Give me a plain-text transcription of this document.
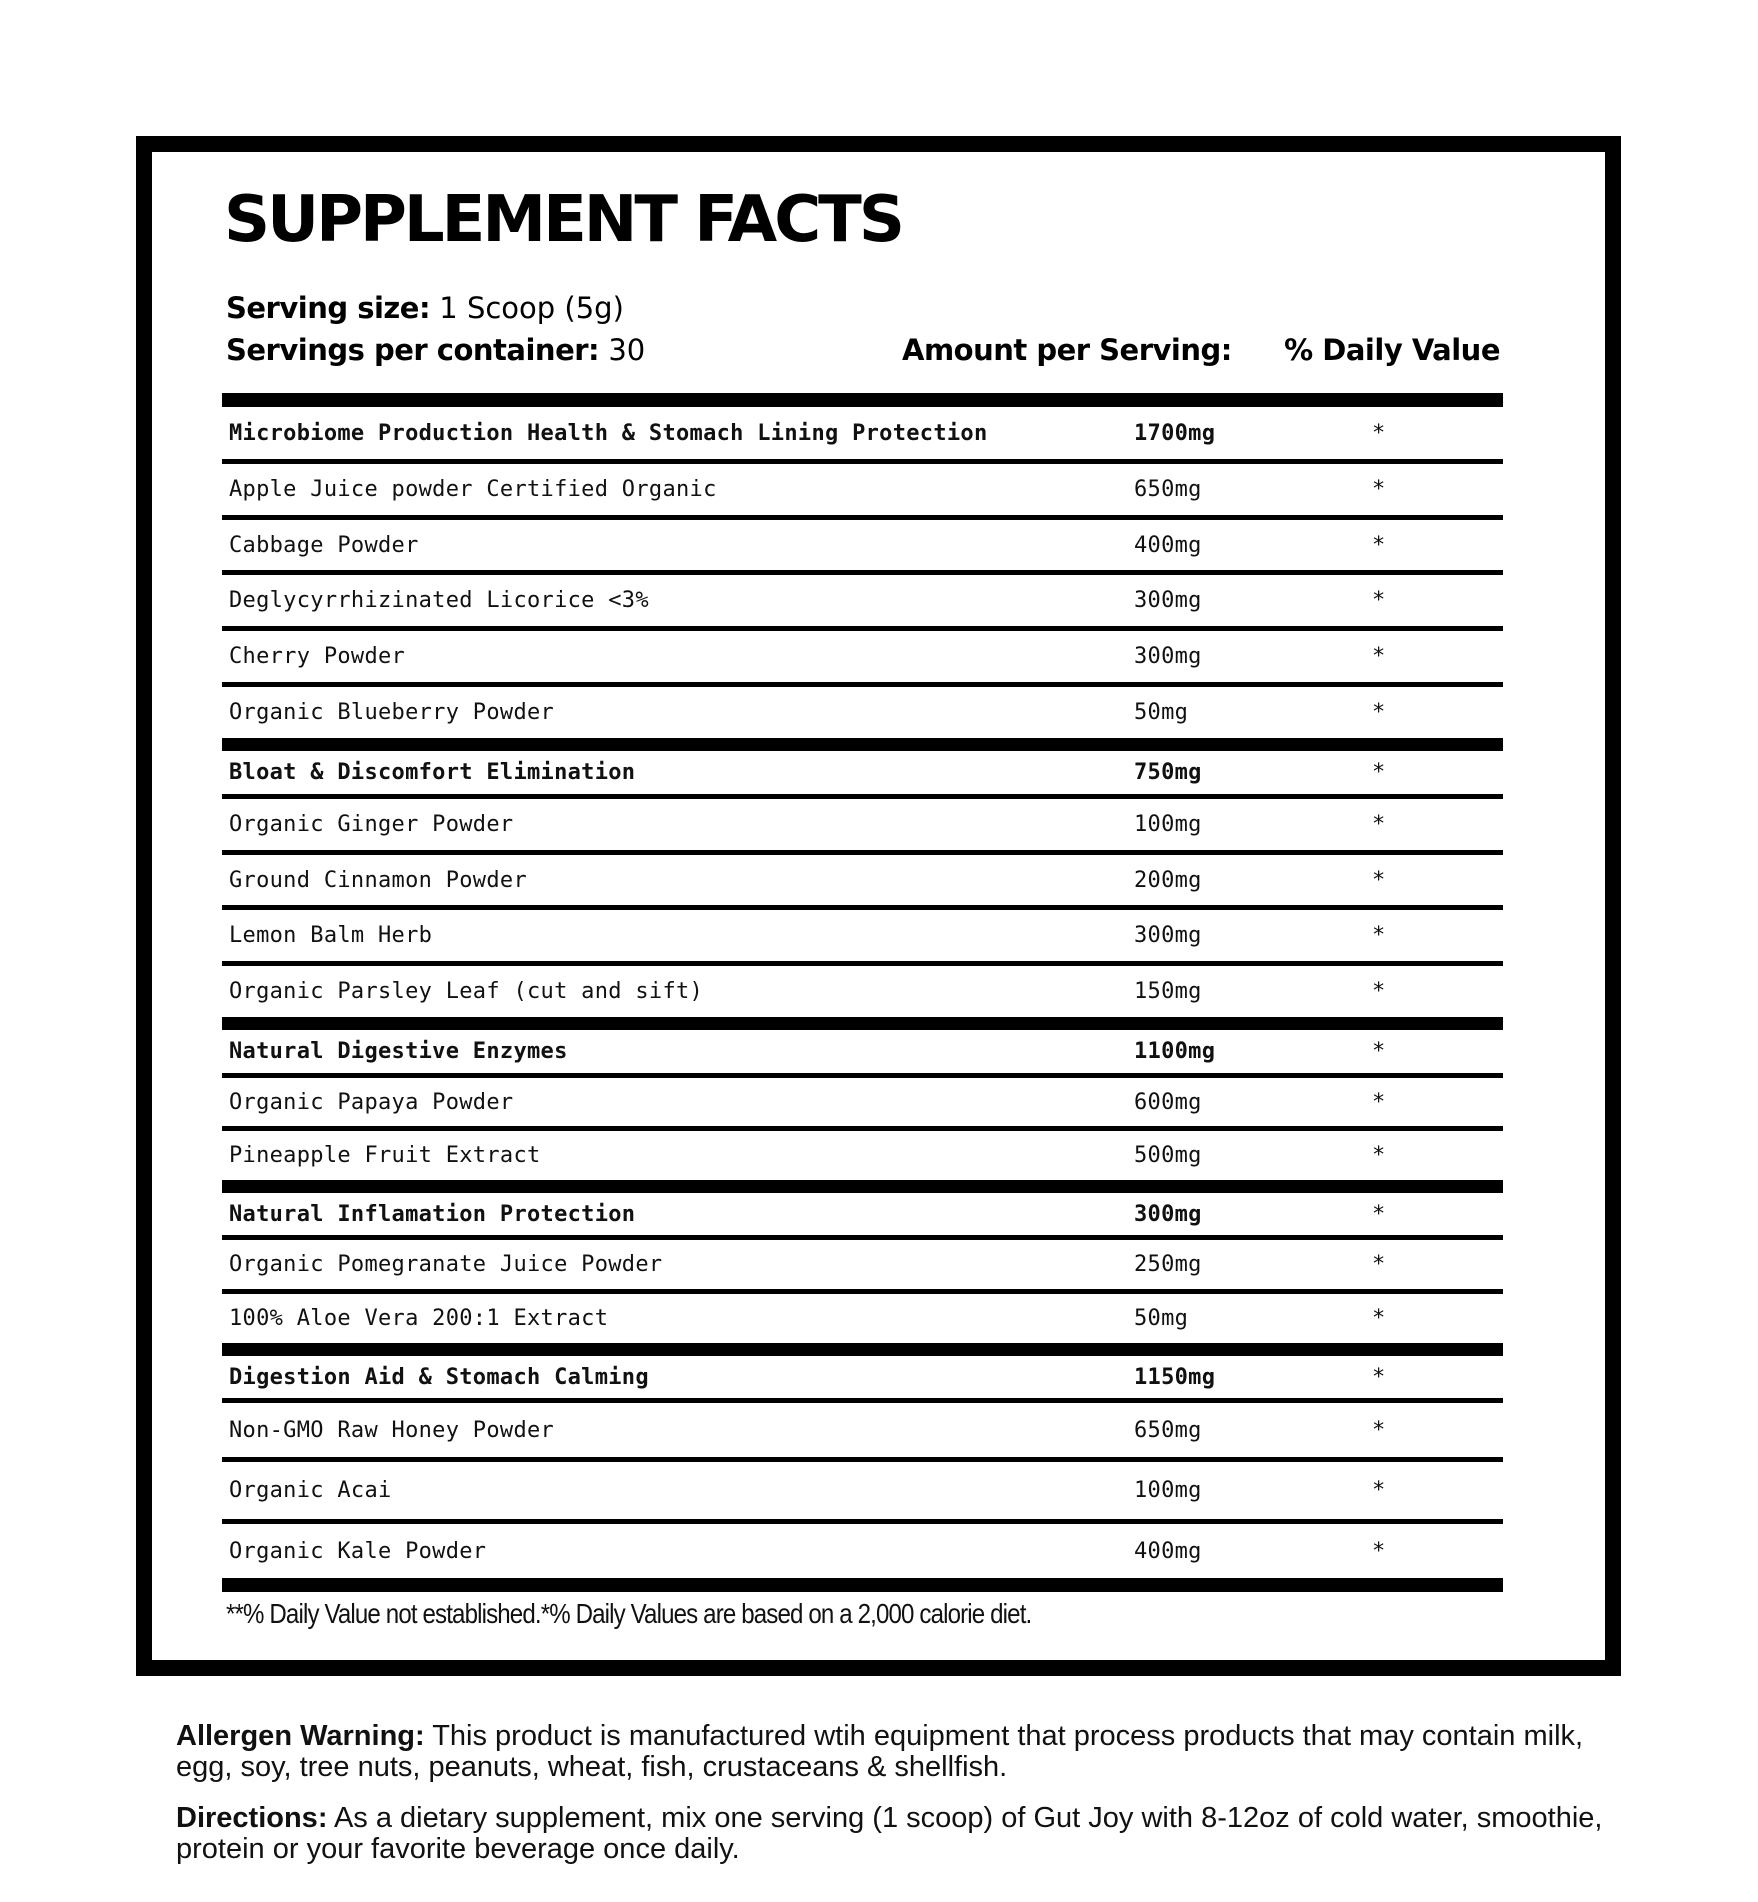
SUPPLEMENT FACTS
Serving size: 1 Scoop (5g)
Servings per container: 30	Amount per Serving: % Daily Value
Microbiome Production Health & Stomach Lining Protection	1700mg	*
Apple Juice powder Certified Organic	650mg	*
Cabbage Powder	400mg	*
Deglycyrrhizinated Licorice <3%	300mg	*
Cherry Powder	300mg	*
Organic Blueberry Powder	50mg	*
Bloat & Discomfort Elimination	750mg	*
Organic Ginger Powder	100mg	*
Ground Cinnamon Powder	200mg	*
Lemon Balm Herb	300mg	*
Organic Parsley Leaf (cut and sift)	150mg	*
Natural Digestive Enzymes	1100mg	*
Organic Papaya Powder	600mg	*
Pineapple Fruit Extract	500mg	*
Natural Inflamation Protection	300mg	*
Organic Pomegranate Juice Powder	250mg	*
100% Aloe Vera 200:1 Extract	50mg	*
Digestion Aid & Stomach Calming	1150mg	*
Non-GMO Raw Honey Powder	650mg	*
Organic Acai	100mg	*
Organic Kale Powder	400mg	*
**% Daily Value not established.*% Daily Values are based on a 2,000 calorie diet.
Allergen Warning: This product is manufactured wtih equipment that process products that may contain milk, egg, soy, tree nuts, peanuts, wheat, fish, crustaceans & shellfish.
Directions: As a dietary supplement, mix one serving (1 scoop) of Gut Joy with 8-12oz of cold water, smoothie, protein or your favorite beverage once daily.
